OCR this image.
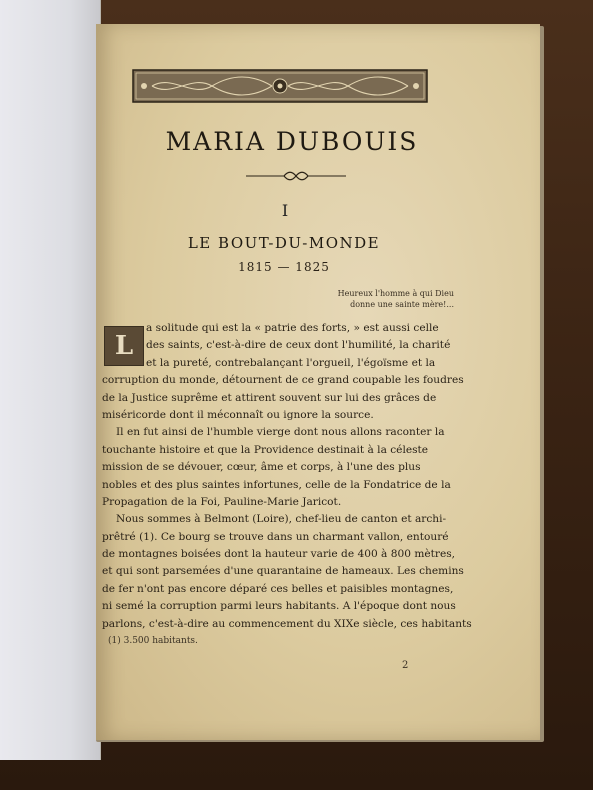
MARIA DUBOUIS
I
LE BOUT-DU-MONDE
1815 — 1825
Heureux l'homme à qui Dieu
donne une sainte mère!...
L
a solitude qui est la « patrie des forts, » est aussi celle
des saints, c'est-à-dire de ceux dont l'humilité, la charité
et la pureté, contrebalançant l'orgueil, l'égoïsme et la
corruption du monde, détournent de ce grand coupable les foudres
de la Justice suprême et attirent souvent sur lui des grâces de
miséricorde dont il méconnaît ou ignore la source.
Il en fut ainsi de l'humble vierge dont nous allons raconter la
touchante histoire et que la Providence destinait à la céleste
mission de se dévouer, cœur, âme et corps, à l'une des plus
nobles et des plus saintes infortunes, celle de la Fondatrice de la
Propagation de la Foi, Pauline-Marie Jaricot.
Nous sommes à Belmont (Loire), chef-lieu de canton et archi-
prêtré (1). Ce bourg se trouve dans un charmant vallon, entouré
de montagnes boisées dont la hauteur varie de 400 à 800 mètres,
et qui sont parsemées d'une quarantaine de hameaux. Les chemins
de fer n'ont pas encore déparé ces belles et paisibles montagnes,
ni semé la corruption parmi leurs habitants. A l'époque dont nous
parlons, c'est-à-dire au commencement du XIXe siècle, ces habitants
(1) 3.500 habitants.
2
